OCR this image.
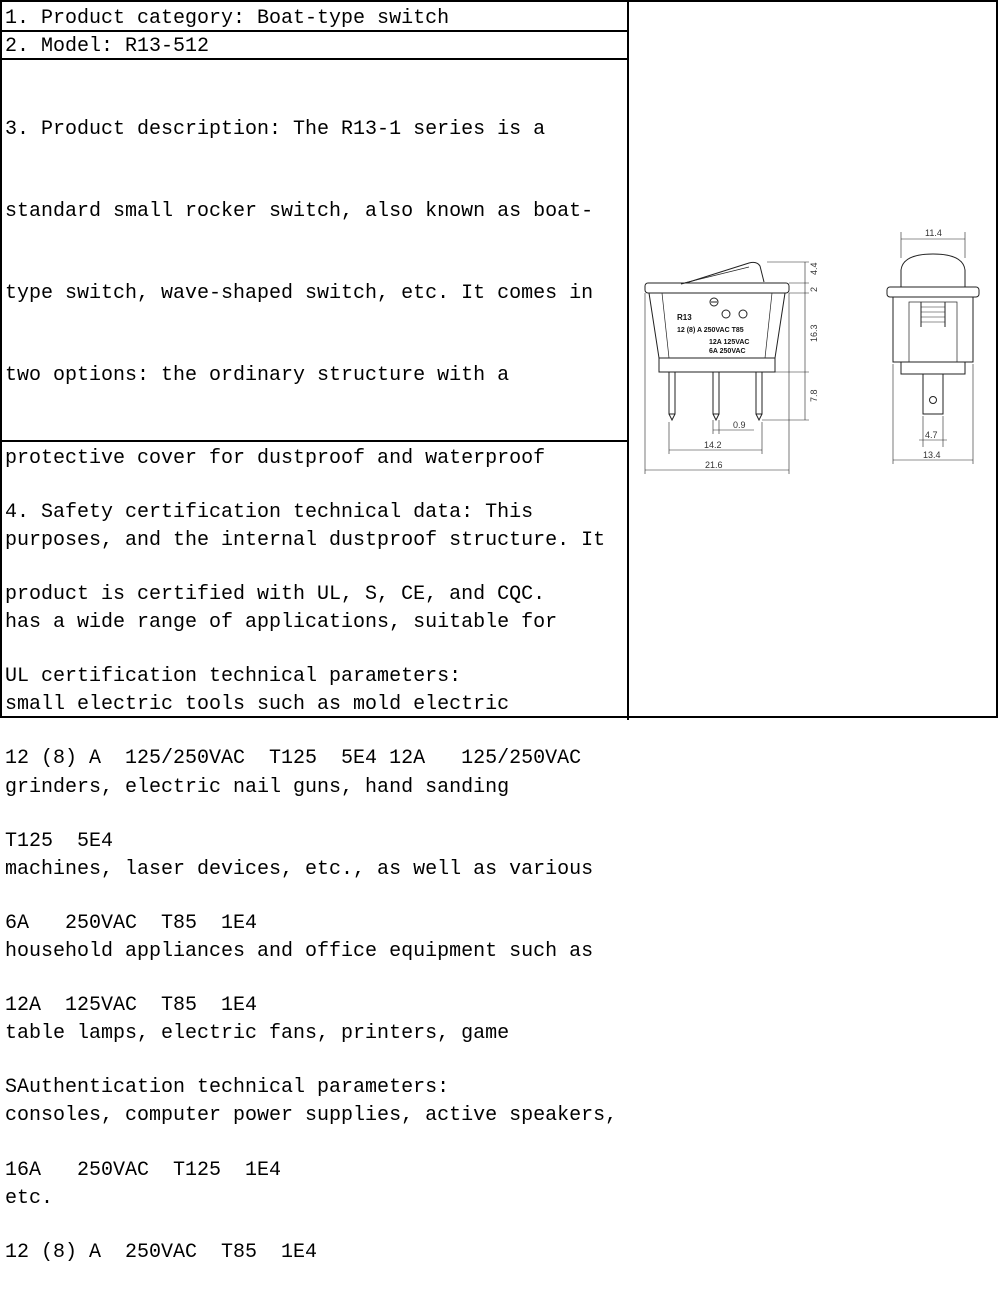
1. Product category: Boat-type switch
2. Model: R13-512

3. Product description: The R13-1 series is a

standard small rocker switch, also known as boat-

type switch, wave-shaped switch, etc. It comes in

two options: the ordinary structure with a

protective cover for dustproof and waterproof

purposes, and the internal dustproof structure. It

has a wide range of applications, suitable for

small electric tools such as mold electric

grinders, electric nail guns, hand sanding

machines, laser devices, etc., as well as various

household appliances and office equipment such as

table lamps, electric fans, printers, game

consoles, computer power supplies, active speakers,

etc.

4. Safety certification technical data: This

product is certified with UL, S, CE, and CQC.

UL certification technical parameters:

12 (8) A  125/250VAC  T125  5E4 12A   125/250VAC

T125  5E4

6A   250VAC  T85  1E4

12A  125VAC  T85  1E4

SAuthentication technical parameters:

16A   250VAC  T125  1E4

12 (8) A  250VAC  T85  1E4

R13
12 (8) A 250VAC T85
12A 125VAC
6A 250VAC
4.4
2
16.3
7.8
0.9
14.2
21.6
11.4
4.7
13.4
